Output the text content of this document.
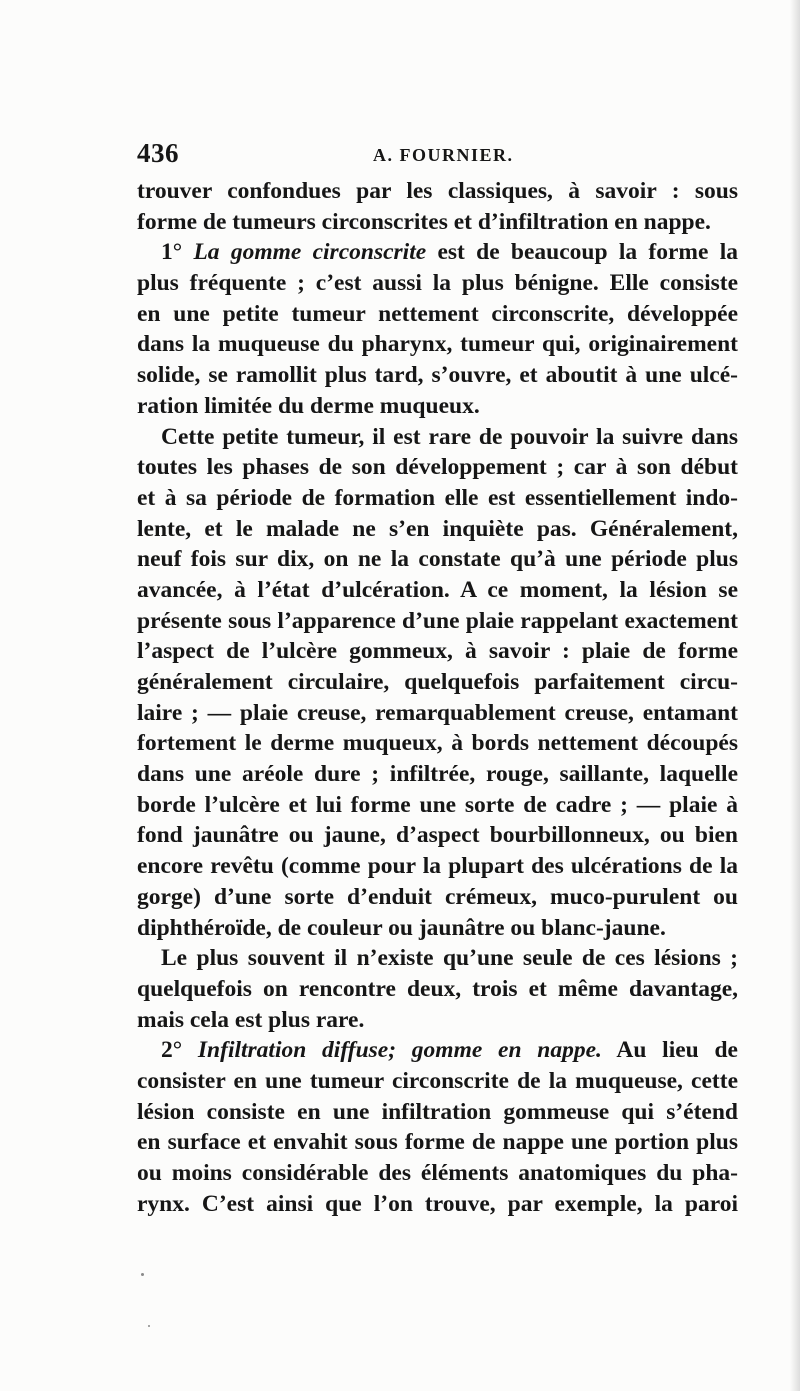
436	A. FOURNIER.
trouver confondues par les classiques, à savoir : sous
forme de tumeurs circonscrites et d’infiltration en nappe.
1° La gomme circonscrite est de beaucoup la forme la
plus fréquente ; c’est aussi la plus bénigne. Elle consiste
en une petite tumeur nettement circonscrite, développée
dans la muqueuse du pharynx, tumeur qui, originairement
solide, se ramollit plus tard, s’ouvre, et aboutit à une ulcé-
ration limitée du derme muqueux.
Cette petite tumeur, il est rare de pouvoir la suivre dans
toutes les phases de son développement ; car à son début
et à sa période de formation elle est essentiellement indo-
lente, et le malade ne s’en inquiète pas. Généralement,
neuf fois sur dix, on ne la constate qu’à une période plus
avancée, à l’état d’ulcération. A ce moment, la lésion se
présente sous l’apparence d’une plaie rappelant exactement
l’aspect de l’ulcère gommeux, à savoir : plaie de forme
généralement circulaire, quelquefois parfaitement circu-
laire ; — plaie creuse, remarquablement creuse, entamant
fortement le derme muqueux, à bords nettement découpés
dans une aréole dure ; infiltrée, rouge, saillante, laquelle
borde l’ulcère et lui forme une sorte de cadre ; — plaie à
fond jaunâtre ou jaune, d’aspect bourbillonneux, ou bien
encore revêtu (comme pour la plupart des ulcérations de la
gorge) d’une sorte d’enduit crémeux, muco-purulent ou
diphthéroïde, de couleur ou jaunâtre ou blanc-jaune.
Le plus souvent il n’existe qu’une seule de ces lésions ;
quelquefois on rencontre deux, trois et même davantage,
mais cela est plus rare.
2° Infiltration diffuse; gomme en nappe. Au lieu de
consister en une tumeur circonscrite de la muqueuse, cette
lésion consiste en une infiltration gommeuse qui s’étend
en surface et envahit sous forme de nappe une portion plus
ou moins considérable des éléments anatomiques du pha-
rynx. C’est ainsi que l’on trouve, par exemple, la paroi
